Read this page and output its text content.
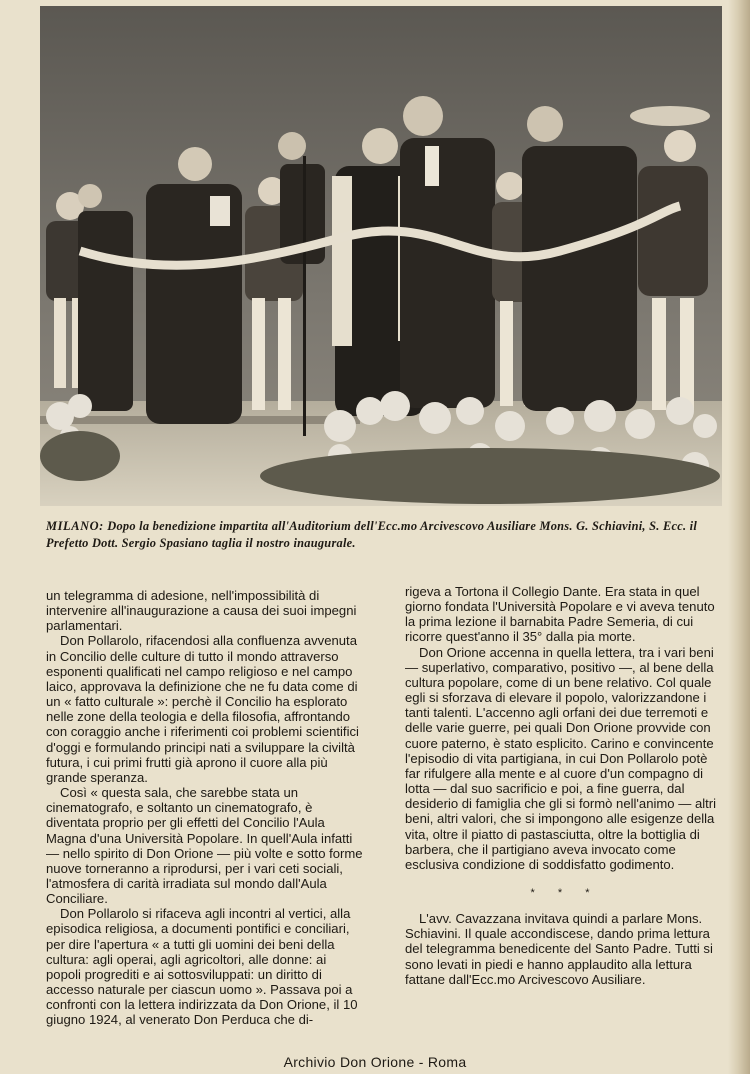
MILANO: Dopo la benedizione impartita all'Auditorium dell'Ecc.mo Arcivescovo Ausiliare Mons. G. Schiavini, S. Ecc. il Prefetto Dott. Sergio Spasiano taglia il nostro inaugurale.

un telegramma di adesione, nell'impossibilità di intervenire all'inaugurazione a causa dei suoi impegni parlamentari.

Don Pollarolo, rifacendosi alla confluenza avvenuta in Concilio delle culture di tutto il mondo attraverso esponenti qualificati nel campo religioso e nel campo laico, approvava la definizione che ne fu data come di un « fatto culturale »: perchè il Concilio ha esplorato nelle zone della teologia e della filosofia, affrontando con coraggio anche i riferimenti coi problemi scientifici d'oggi e formulando principi nati a sviluppare la civiltà futura, i cui primi frutti già aprono il cuore alla più grande speranza.

Così « questa sala, che sarebbe stata un cinematografo, e soltanto un cinematografo, è diventata proprio per gli effetti del Concilio l'Aula Magna d'una Università Popolare. In quell'Aula infatti — nello spirito di Don Orione — più volte e sotto forme nuove torneranno a riprodursi, per i vari ceti sociali, l'atmosfera di carità irradiata sul mondo dall'Aula Conciliare.

Don Pollarolo si rifaceva agli incontri al vertici, alla episodica religiosa, a documenti pontifici e conciliari, per dire l'apertura « a tutti gli uomini dei beni della cultura: agli operai, agli agricoltori, alle donne: ai popoli progrediti e ai sottosviluppati: un diritto di accesso naturale per ciascun uomo ». Passava poi a confronti con la lettera indirizzata da Don Orione, il 10 giugno 1924, al venerato Don Perduca che di-

rigeva a Tortona il Collegio Dante. Era stata in quel giorno fondata l'Università Popolare e vi aveva tenuto la prima lezione il barnabita Padre Semeria, di cui ricorre quest'anno il 35° dalla pia morte.

Don Orione accenna in quella lettera, tra i vari beni — superlativo, comparativo, positivo —, al bene della cultura popolare, come di un bene relativo. Col quale egli si sforzava di elevare il popolo, valorizzandone i tanti talenti. L'accenno agli orfani dei due terremoti e delle varie guerre, pei quali Don Orione provvide con cuore paterno, è stato esplicito. Carino e convincente l'episodio di vita partigiana, in cui Don Pollarolo potè far rifulgere alla mente e al cuore d'un compagno di lotta — dal suo sacrificio e poi, a fine guerra, dal desiderio di famiglia che gli si formò nell'animo — altri beni, altri valori, che si impongono alle esigenze della vita, oltre il piatto di pastasciutta, oltre la bottiglia di barbera, che il partigiano aveva invocato come esclusiva condizione di soddisfatto godimento.

* * *

L'avv. Cavazzana invitava quindi a parlare Mons. Schiavini. Il quale accondiscese, dando prima lettura del telegramma benedicente del Santo Padre. Tutti si sono levati in piedi e hanno applaudito alla lettura fattane dall'Ecc.mo Arcivescovo Ausiliare.

Archivio Don Orione - Roma
